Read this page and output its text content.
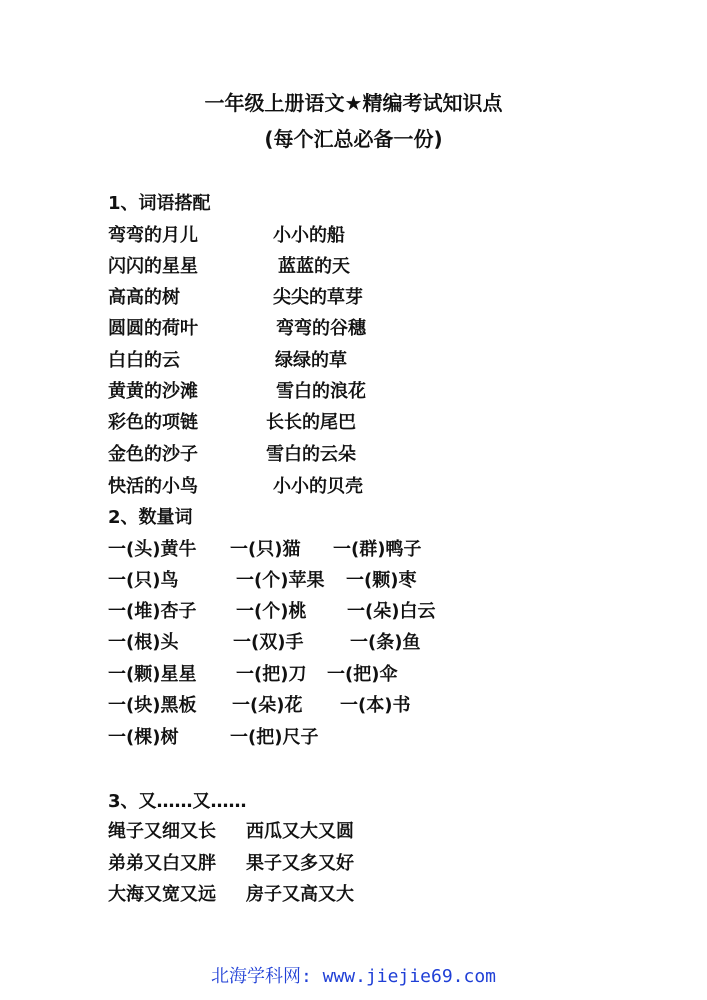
一年级上册语文★精编考试知识点
(每个汇总必备一份)
1、词语搭配
弯弯的月儿	小小的船
闪闪的星星	蓝蓝的天
高高的树	尖尖的草芽
圆圆的荷叶	弯弯的谷穗
白白的云	绿绿的草
黄黄的沙滩	雪白的浪花
彩色的项链	长长的尾巴
金色的沙子	雪白的云朵
快活的小鸟	小小的贝壳
2、数量词
一(头)黄牛 一(只)猫 一(群)鸭子
一(只)鸟	一(个)苹果 一(颗)枣
一(堆)杏子 一(个)桃 一(朵)白云
一(根)头	一(双)手	一(条)鱼
一(颗)星星 一(把)刀 一(把)伞
一(块)黑板 一(朵)花 一(本)书
一(棵)树	一(把)尺子
3、又……又……
绳子又细又长 西瓜又大又圆
弟弟又白又胖 果子又多又好
大海又宽又远 房子又高又大
北海学科网: www.jiejie69.com
